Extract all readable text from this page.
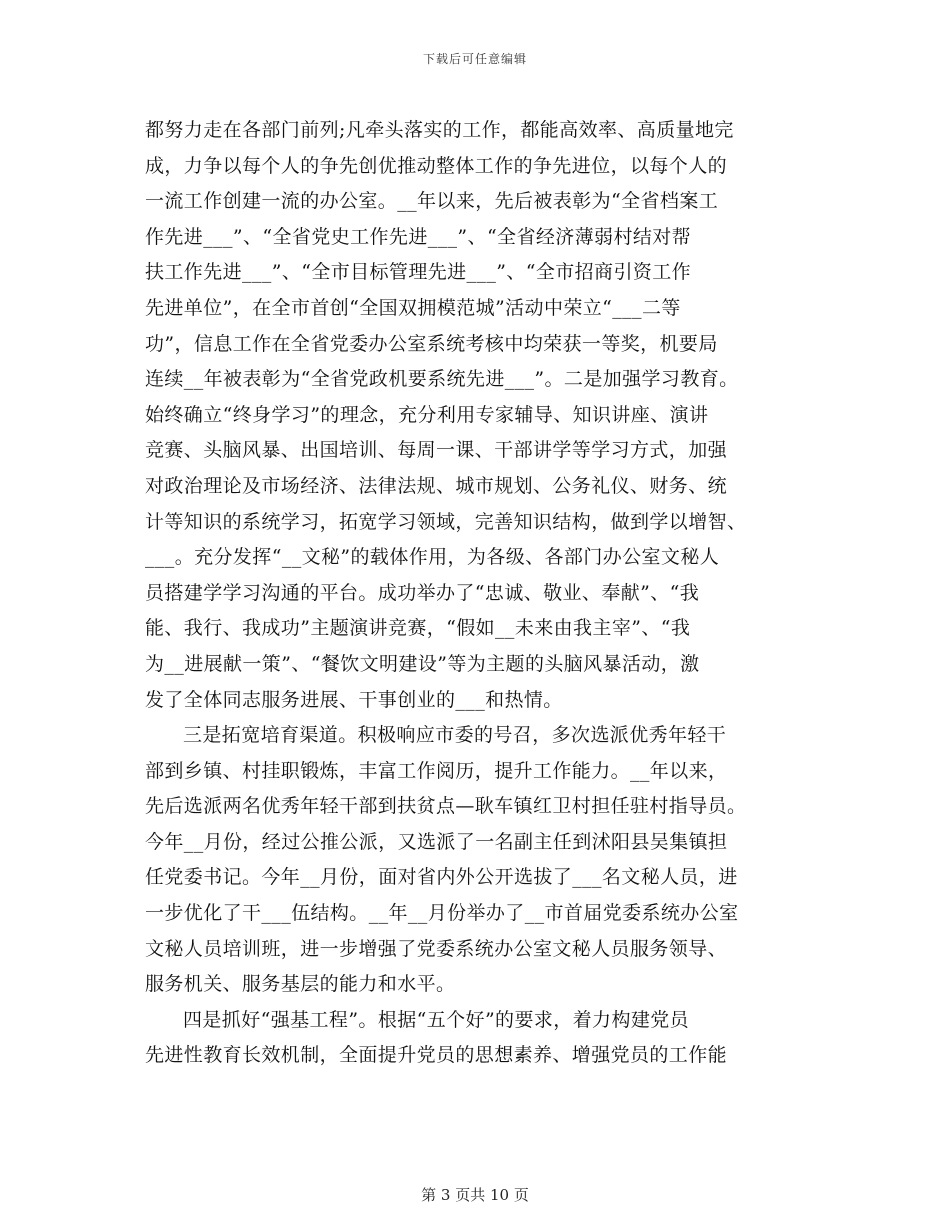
下载后可任意编辑
都努力走在各部门前列;凡牵头落实的工作，都能高效率、高质量地完
成，力争以每个人的争先创优推动整体工作的争先进位，以每个人的
一流工作创建一流的办公室。__年以来，先后被表彰为“全省档案工
作先进___”、“全省党史工作先进___”、“全省经济薄弱村结对帮
扶工作先进___”、“全市目标管理先进___”、“全市招商引资工作
先进单位”，在全市首创“全国双拥模范城”活动中荣立“___二等
功”，信息工作在全省党委办公室系统考核中均荣获一等奖，机要局
连续__年被表彰为“全省党政机要系统先进___”。二是加强学习教育。
始终确立“终身学习”的理念，充分利用专家辅导、知识讲座、演讲
竞赛、头脑风暴、出国培训、每周一课、干部讲学等学习方式，加强
对政治理论及市场经济、法律法规、城市规划、公务礼仪、财务、统
计等知识的系统学习，拓宽学习领域，完善知识结构，做到学以增智、
___。充分发挥“__文秘”的载体作用，为各级、各部门办公室文秘人
员搭建学学习沟通的平台。成功举办了“忠诚、敬业、奉献”、“我
能、我行、我成功”主题演讲竞赛，“假如__未来由我主宰”、“我
为__进展献一策”、“餐饮文明建设”等为主题的头脑风暴活动，激
发了全体同志服务进展、干事创业的___和热情。
三是拓宽培育渠道。积极响应市委的号召，多次选派优秀年轻干
部到乡镇、村挂职锻炼，丰富工作阅历，提升工作能力。__年以来，
先后选派两名优秀年轻干部到扶贫点—耿车镇红卫村担任驻村指导员。
今年__月份，经过公推公派，又选派了一名副主任到沭阳县吴集镇担
任党委书记。今年__月份，面对省内外公开选拔了___名文秘人员，进
一步优化了干___伍结构。__年__月份举办了__市首届党委系统办公室
文秘人员培训班，进一步增强了党委系统办公室文秘人员服务领导、
服务机关、服务基层的能力和水平。
四是抓好“强基工程”。根据“五个好”的要求，着力构建党员
先进性教育长效机制，全面提升党员的思想素养、增强党员的工作能
第 3 页共 10 页
